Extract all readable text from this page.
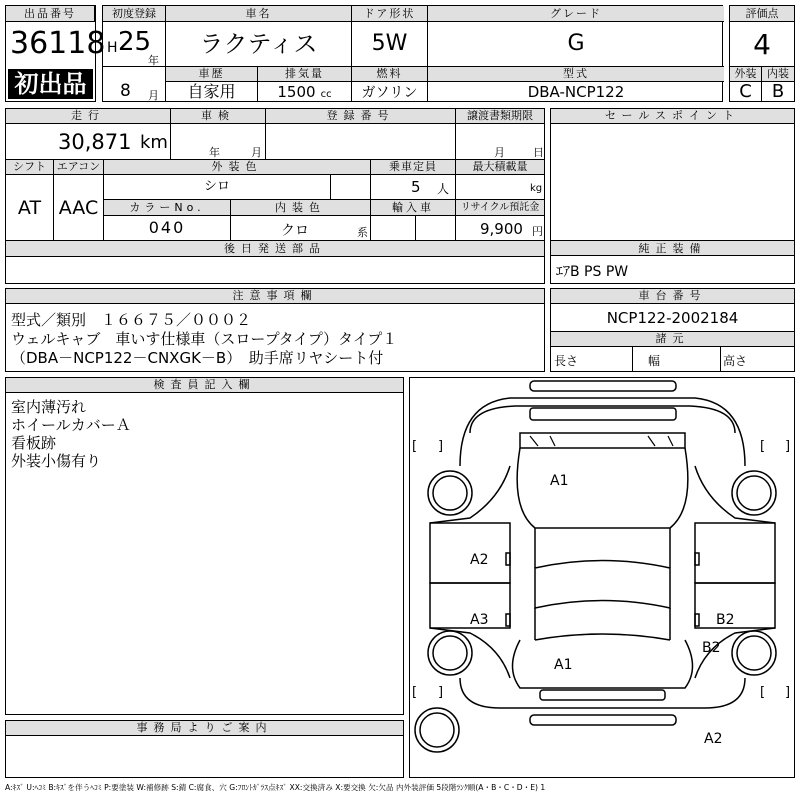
出品番号
36118
初出品
初度登録	車名	ドア形状	グレード
H 25
年
ラクティス	5W	G
8 月
車歴	排気量	燃料	型式
自家用	1500 cc	ガソリン	DBA-NCP122
評価点
4
外装 内装
C	B
走行	車検	登録番号	譲渡書類期限
30,871 km	年	月	月	日
シフト エアコン	外装色	乗車定員	最大積載量
AT AAC
シロ	5 人	kg
カラーNo.	内装色	輸入車	リサイクル預託金
040	クロ	系	9,900 円
後日発送部品
セールスポイント
純正装備
ｴｱB PS PW
注意事項欄
型式／類別　１６６７５／０００２
ウェルキャブ　車いす仕様車（スロープタイプ）タイプ１
（DBA－NCP122－CNXGK－B）　助手席リヤシート付
車台番号
NCP122-2002184
諸元
長さ	幅	高さ
検査員記入欄
室内薄汚れ
ホイールカバーＡ
看板跡
外装小傷有り
事務局よりご案内
[ ]	[ ]
[ ]	[ ]
A1
A2
A3	B2
B2
A1
A2
A:ｷｽﾞ U:ﾍｺﾐ B:ｷｽﾞを伴うﾍｺﾐ P:要塗装 W:補修跡 S:錆 C:腐食、穴 G:ﾌﾛﾝﾄｶﾞﾗｽ点ｷｽﾞ XX:交換済み X:要交換 欠:欠品 内外装評価 5段階ﾗﾝｸ順(A・B・C・D・E) 1
